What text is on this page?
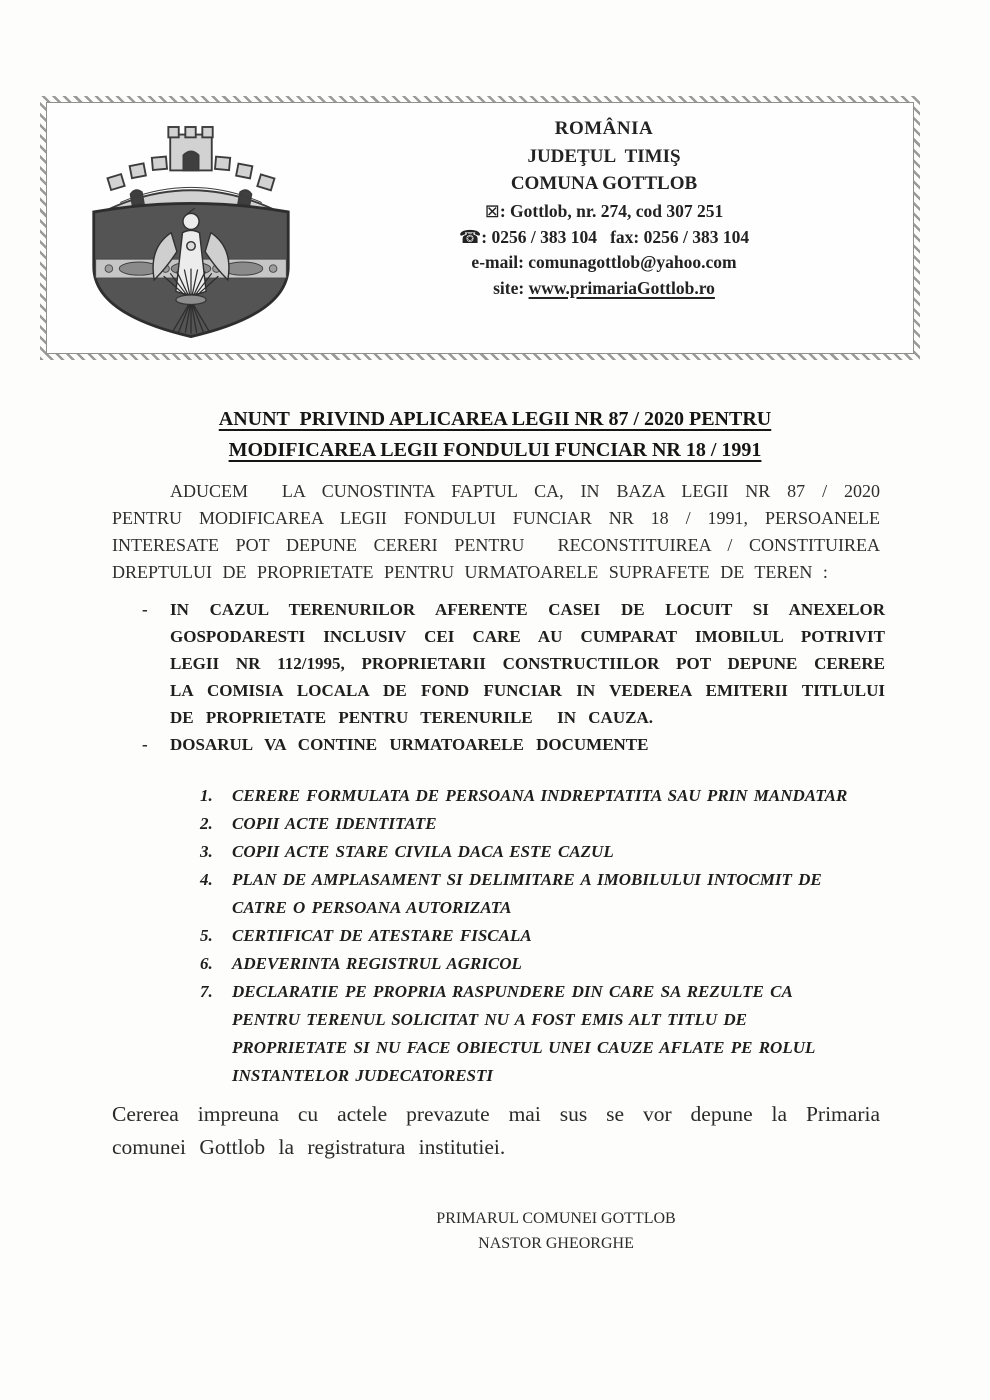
ROMÂNIA
JUDEŢUL  TIMIŞ
COMUNA GOTTLOB
⊠: Gottlob, nr. 274, cod 307 251
☎: 0256 / 383 104   fax: 0256 / 383 104
e-mail: comunagottlob@yahoo.com
site: www.primariaGottlob.ro
ANUNT  PRIVIND APLICAREA LEGII NR 87 / 2020 PENTRU
MODIFICAREA LEGII FONDULUI FUNCIAR NR 18 / 1991

ADUCEM  LA CUNOSTINTA FAPTUL CA, IN BAZA LEGII NR 87 / 2020 PENTRU MODIFICAREA LEGII FONDULUI FUNCIAR NR 18 / 1991, PERSOANELE INTERESATE POT DEPUNE CERERI PENTRU  RECONSTITUIREA / CONSTITUIREA DREPTULUI DE PROPRIETATE PENTRU URMATOARELE SUPRAFETE DE TEREN :

- IN CAZUL TERENURILOR AFERENTE CASEI DE LOCUIT SI ANEXELOR GOSPODARESTI INCLUSIV CEI CARE AU CUMPARAT IMOBILUL POTRIVIT LEGII NR 112/1995, PROPRIETARII CONSTRUCTIILOR POT DEPUNE CERERE LA COMISIA LOCALA DE FOND FUNCIAR IN VEDEREA EMITERII TITLULUI DE PROPRIETATE PENTRU TERENURILE  IN CAUZA.
- DOSARUL VA CONTINE URMATOARELE DOCUMENTE
CERERE FORMULATA DE PERSOANA INDREPTATITA SAU PRIN MANDATAR
COPII ACTE IDENTITATE
COPII ACTE STARE CIVILA DACA ESTE CAZUL
PLAN DE AMPLASAMENT SI DELIMITARE A IMOBILULUI INTOCMIT DE CATRE O PERSOANA AUTORIZATA
CERTIFICAT DE ATESTARE FISCALA
ADEVERINTA REGISTRUL AGRICOL
DECLARATIE PE PROPRIA RASPUNDERE DIN CARE SA REZULTE CA PENTRU TERENUL SOLICITAT NU A FOST EMIS ALT TITLU DE PROPRIETATE SI NU FACE OBIECTUL UNEI CAUZE AFLATE PE ROLUL INSTANTELOR JUDECATORESTI

Cererea impreuna cu actele prevazute mai sus se vor depune la Primaria comunei Gottlob la registratura institutiei.

PRIMARUL COMUNEI GOTTLOB
NASTOR GHEORGHE
